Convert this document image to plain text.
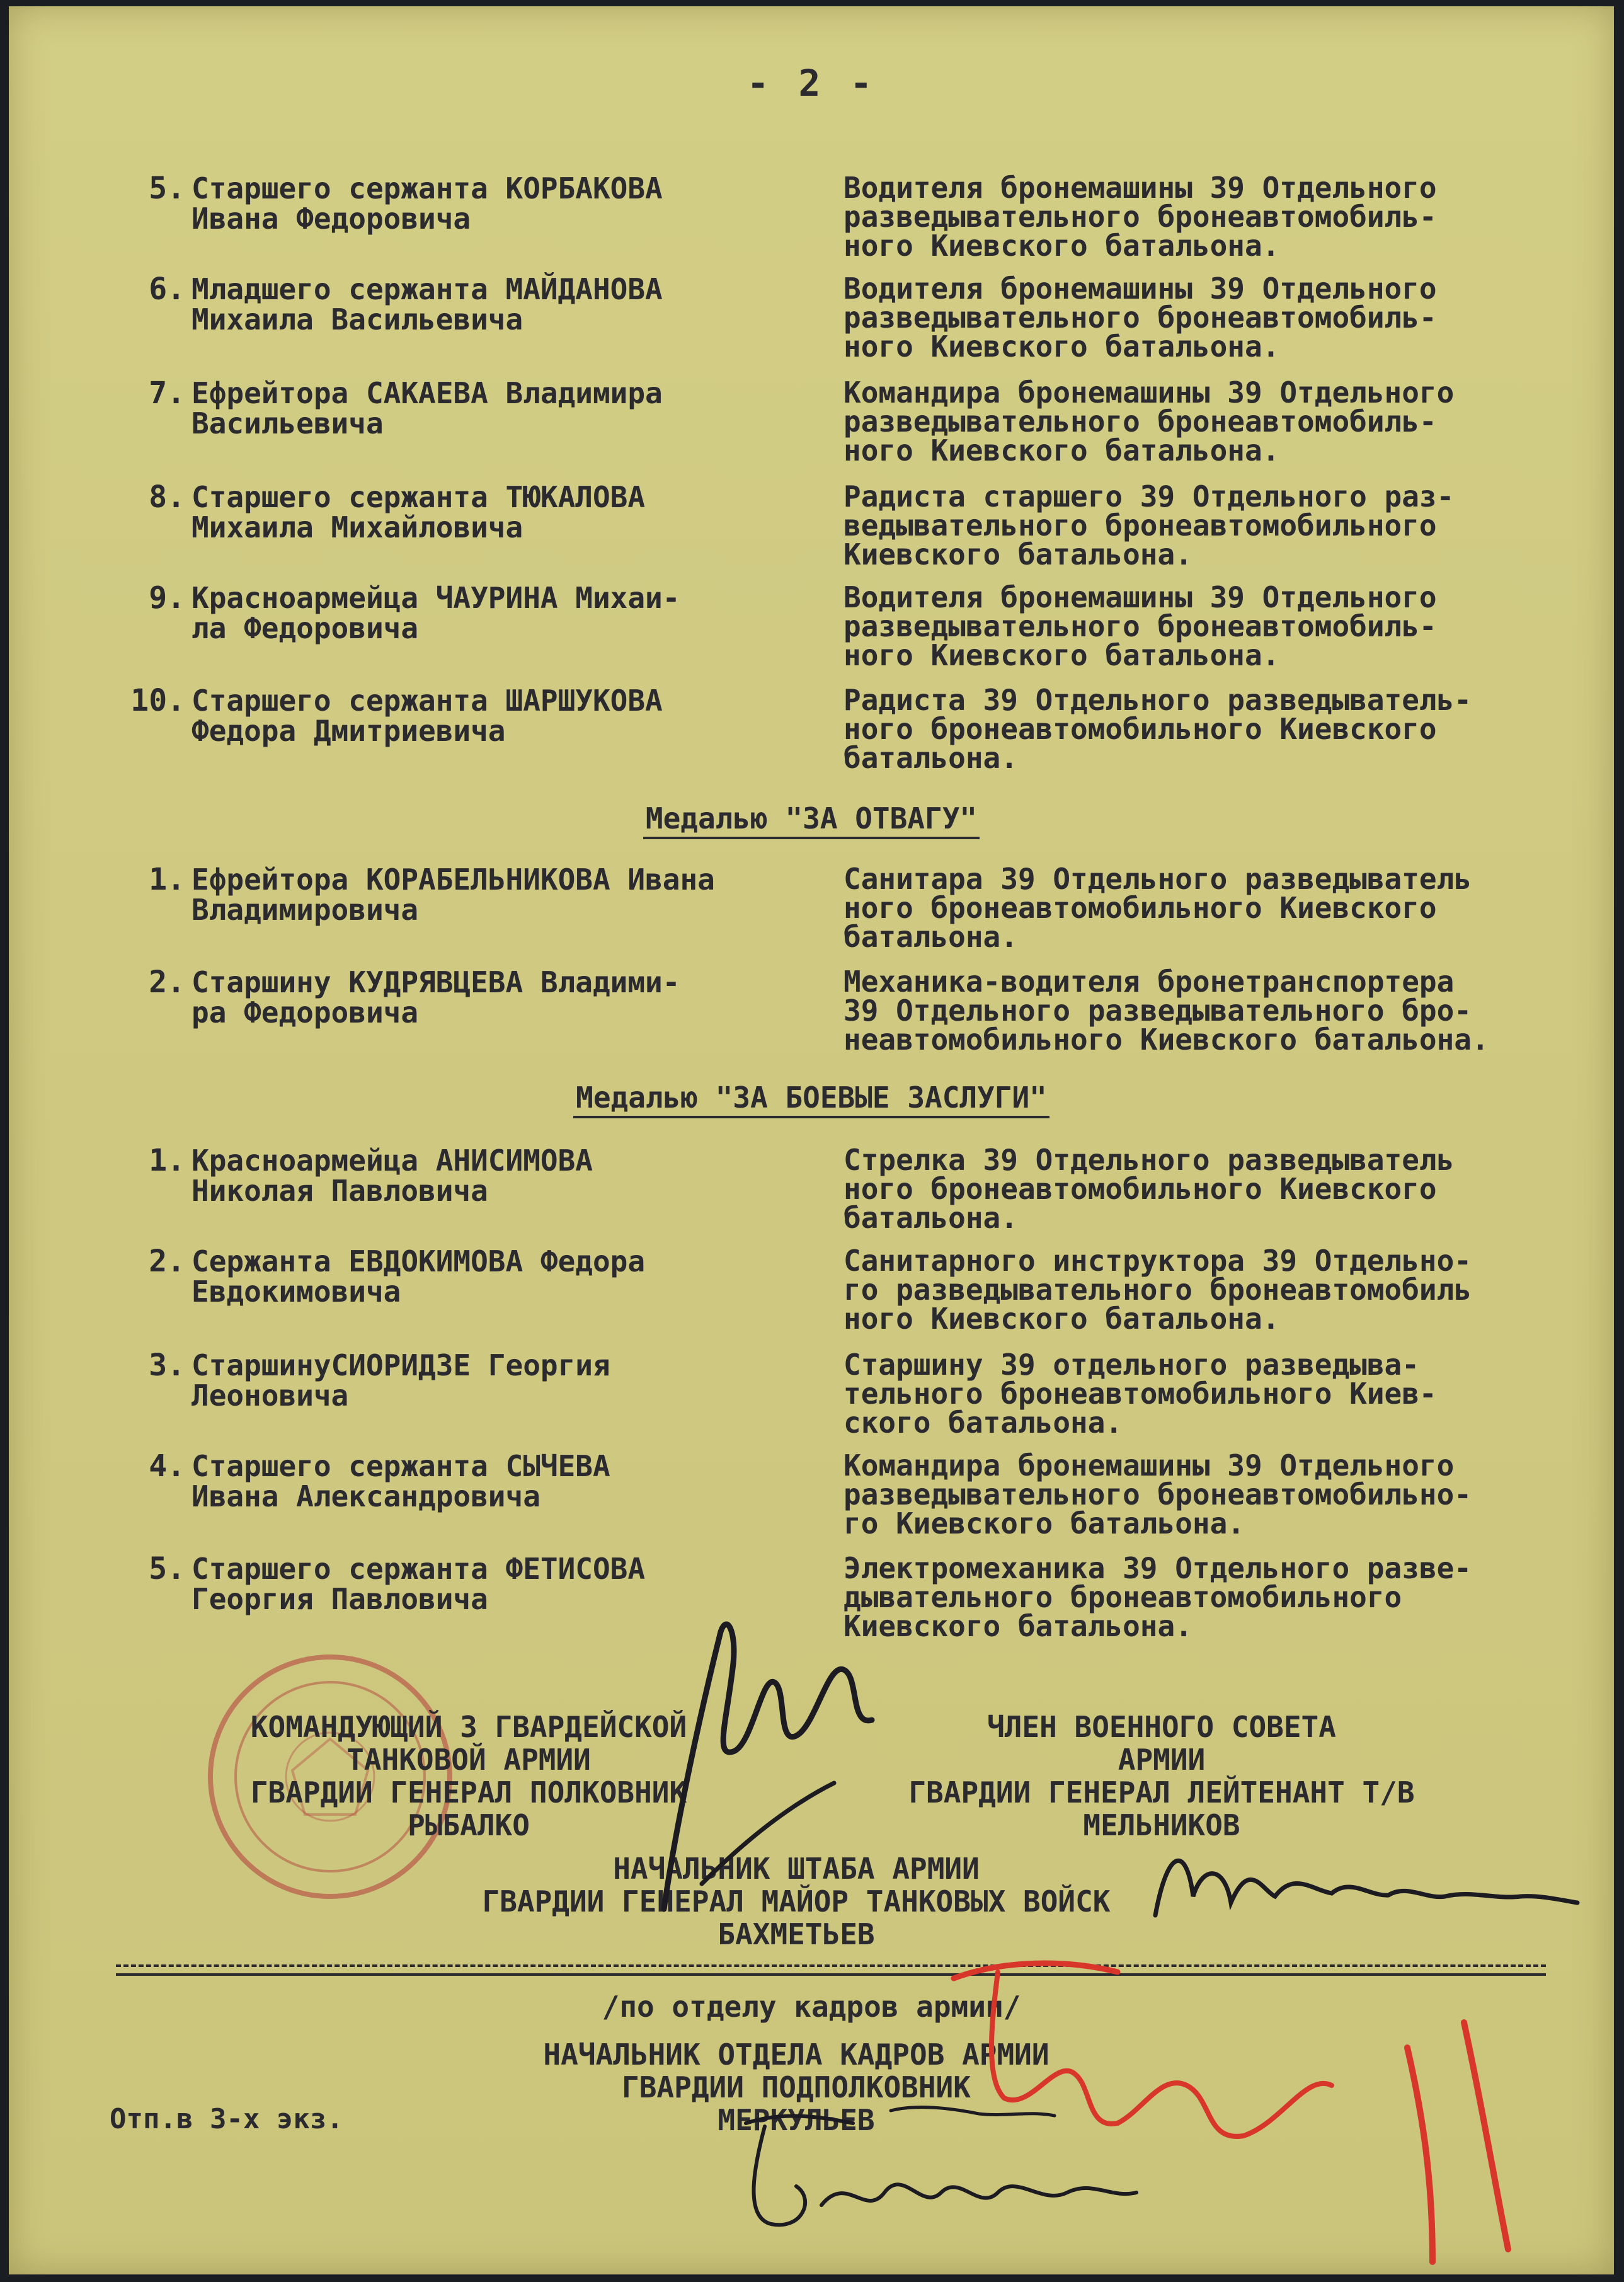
- 2 -
5. Старшего сержанта КОРБАКОВА
Ивана Федоровича
Водителя бронемашины 39 Отдельного
разведывательного бронеавтомобиль-
ного Киевского батальона.
6. Младшего сержанта МАЙДАНОВА
Михаила Васильевича
Водителя бронемашины 39 Отдельного
разведывательного бронеавтомобиль-
ного Киевского батальона.
7. Ефрейтора САКАЕВА Владимира
Васильевича
Командира бронемашины 39 Отдельного
разведывательного бронеавтомобиль-
ного Киевского батальона.
8. Старшего сержанта ТЮКАЛОВА
Михаила Михайловича
Радиста старшего 39 Отдельного раз-
ведывательного бронеавтомобильного
Киевского батальона.
9. Красноармейца ЧАУРИНА Михаи-
ла Федоровича
Водителя бронемашины 39 Отдельного
разведывательного бронеавтомобиль-
ного Киевского батальона.
10. Старшего сержанта ШАРШУКОВА
Федора Дмитриевича
Радиста 39 Отдельного разведыватель-
ного бронеавтомобильного Киевского
батальона.
Медалью "ЗА ОТВАГУ"
1. Ефрейтора КОРАБЕЛЬНИКОВА Ивана
Владимировича
Санитара 39 Отдельного разведыватель
ного бронеавтомобильного Киевского
батальона.
2. Старшину КУДРЯВЦЕВА Владими-
ра Федоровича
Механика-водителя бронетранспортера
39 Отдельного разведывательного бро-
неавтомобильного Киевского батальона.
Медалью "ЗА БОЕВЫЕ ЗАСЛУГИ"
1. Красноармейца АНИСИМОВА
Николая Павловича
Стрелка 39 Отдельного разведыватель
ного бронеавтомобильного Киевского
батальона.
2. Сержанта ЕВДОКИМОВА Федора
Евдокимовича
Санитарного инструктора 39 Отдельно-
го разведывательного бронеавтомобиль
ного Киевского батальона.
3. СтаршинуСИОРИДЗЕ Георгия
Леоновича
Старшину 39 отдельного разведыва-
тельного бронеавтомобильного Киев-
ского батальона.
4. Старшего сержанта СЫЧЕВА
Ивана Александровича
Командира бронемашины 39 Отдельного
разведывательного бронеавтомобильно-
го Киевского батальона.
5. Старшего сержанта ФЕТИСОВА
Георгия Павловича
Электромеханика 39 Отдельного разве-
дывательного бронеавтомобильного
Киевского батальона.
КОМАНДУЮЩИЙ 3 ГВАРДЕЙСКОЙ
ТАНКОВОЙ АРМИИ
ГВАРДИИ ГЕНЕРАЛ ПОЛКОВНИК
РЫБАЛКО
ЧЛЕН ВОЕННОГО СОВЕТА
АРМИИ
ГВАРДИИ ГЕНЕРАЛ ЛЕЙТЕНАНТ Т/В
МЕЛЬНИКОВ
НАЧАЛЬНИК ШТАБА АРМИИ
ГВАРДИИ ГЕНЕРАЛ МАЙОР ТАНКОВЫХ ВОЙСК
БАХМЕТЬЕВ
/по отделу кадров армии/
НАЧАЛЬНИК ОТДЕЛА КАДРОВ АРМИИ
ГВАРДИИ ПОДПОЛКОВНИК
МЕРКУЛЬЕВ
Отп.в 3-х экз.
